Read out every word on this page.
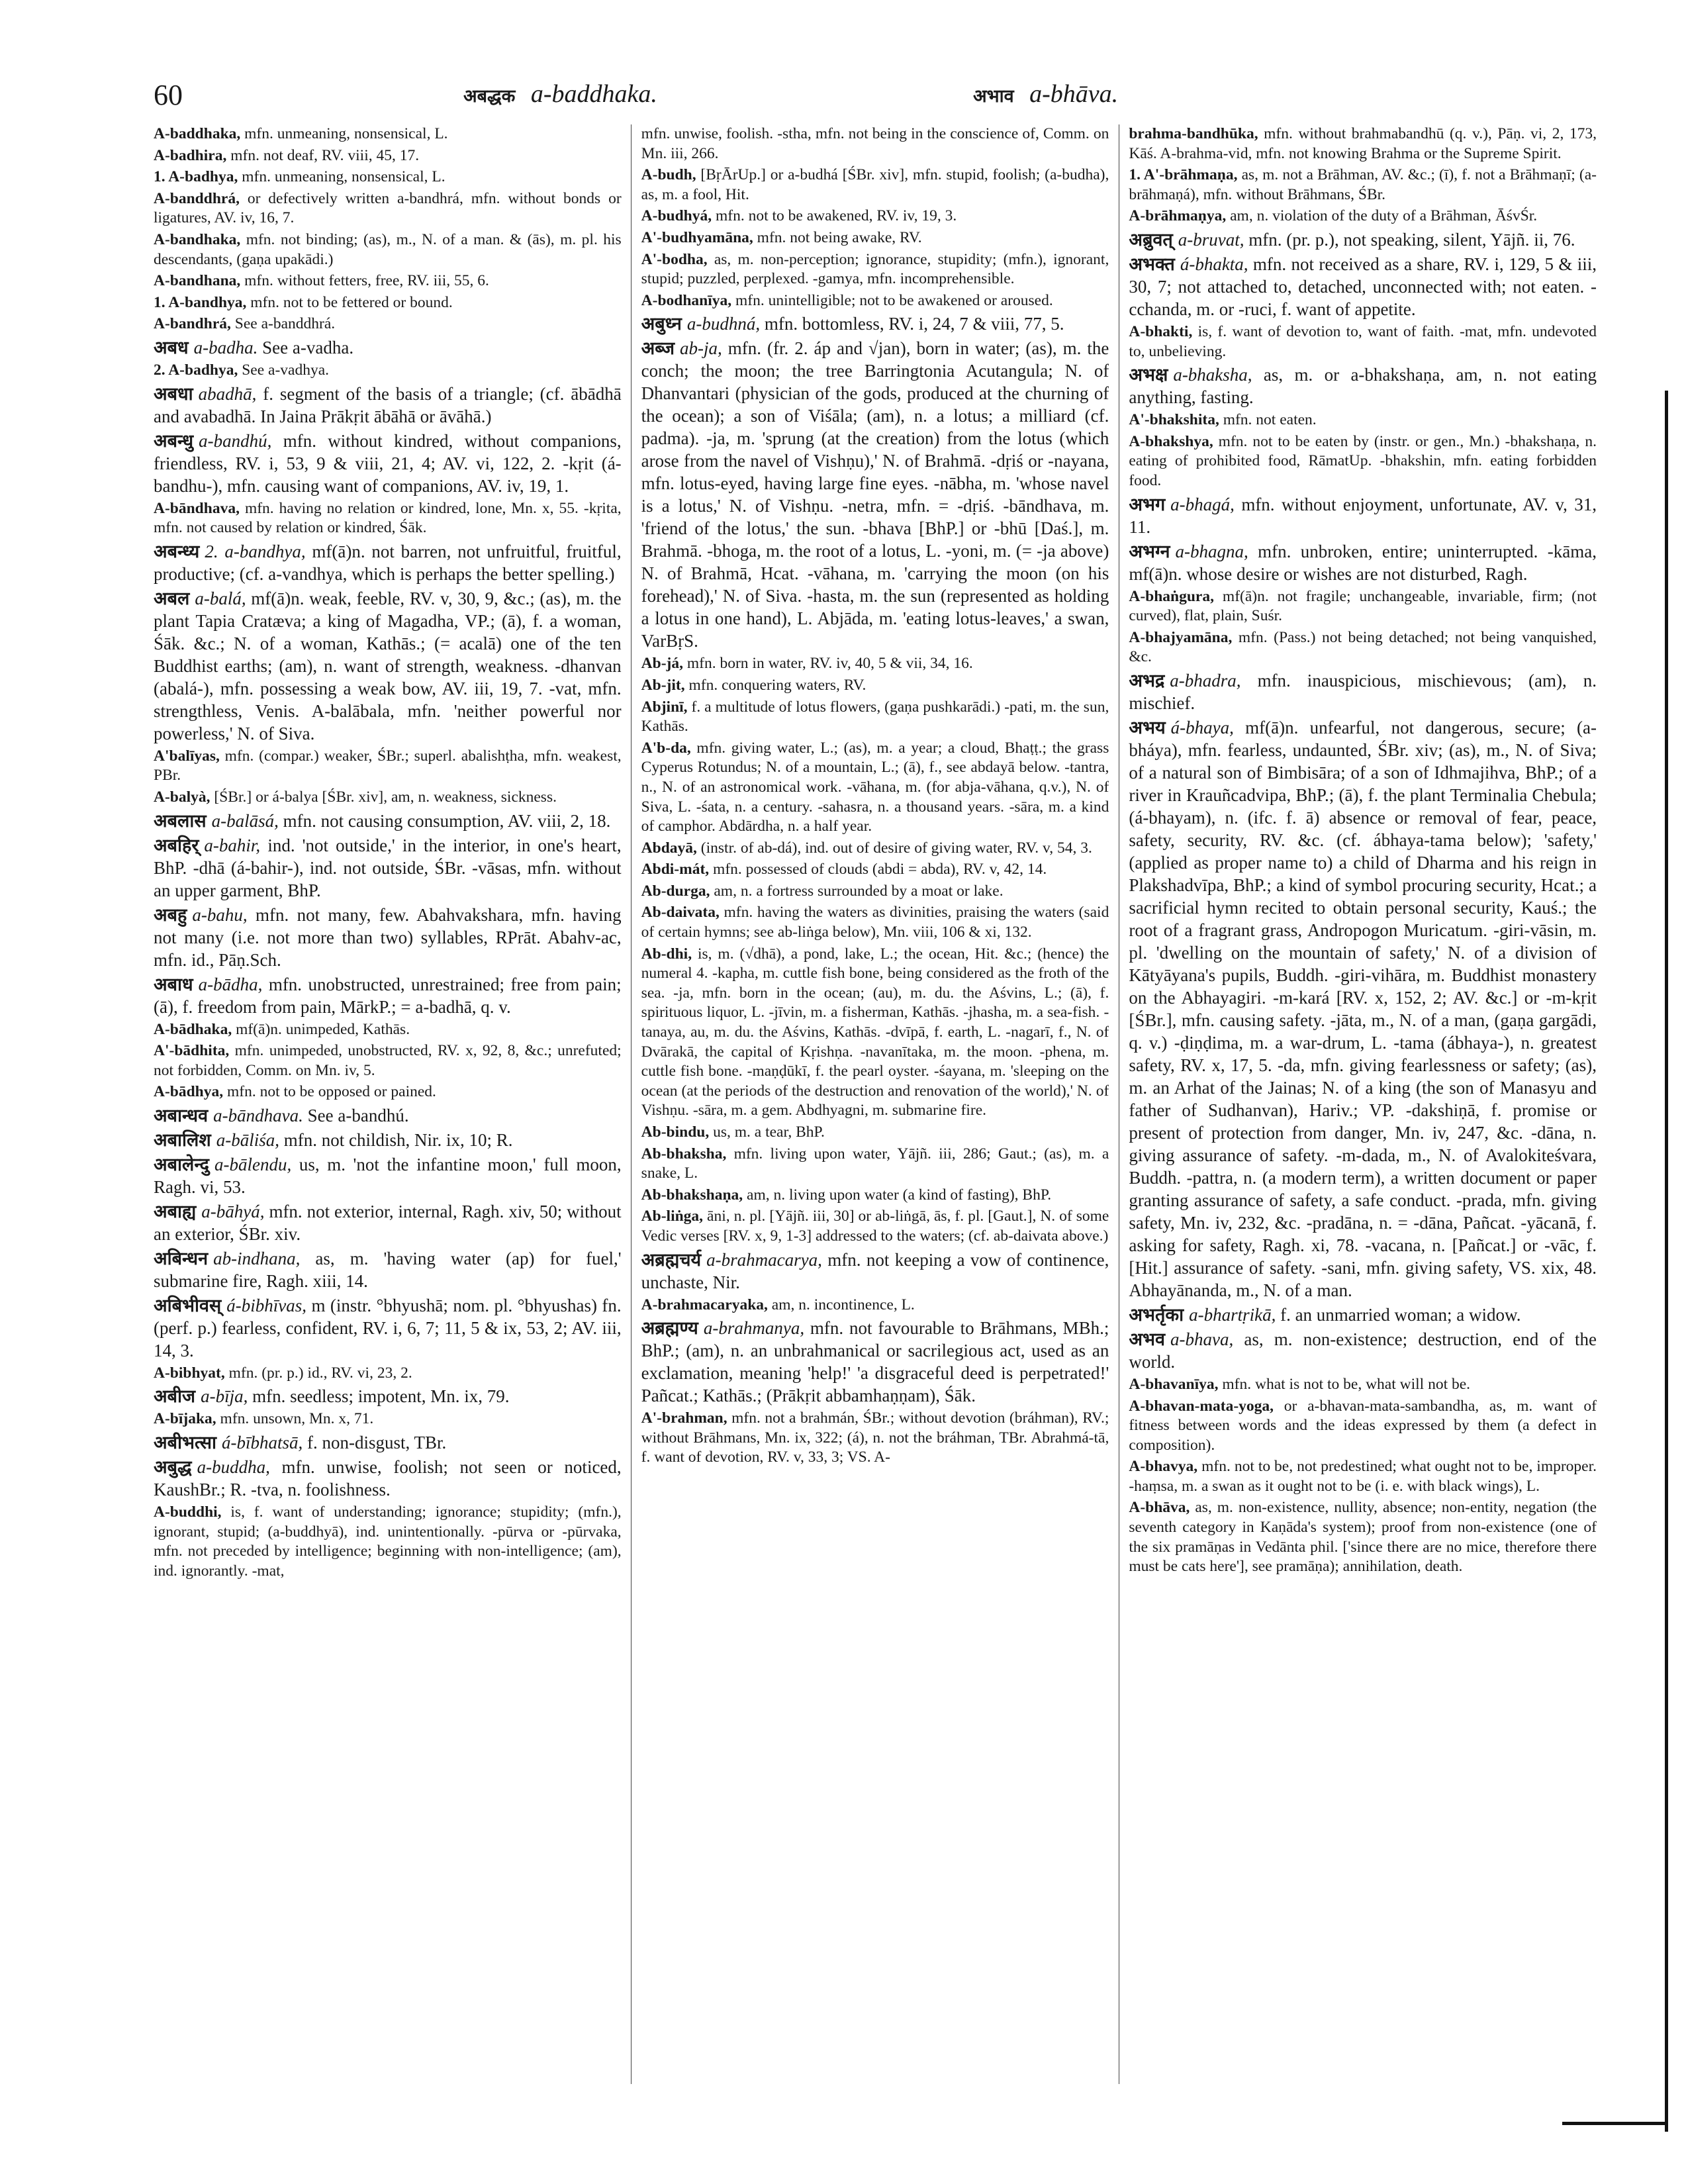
60	अबद्धक a-baddhaka.	अभाव a-bhāva.
A-baddhaka, mfn. unmeaning, nonsensical, L.
A-badhira, mfn. not deaf, RV. viii, 45, 17.
1. A-badhya, mfn. unmeaning, nonsensical, L.
A-banddhrá, or defectively written a-bandhrá, mfn. without bonds or ligatures, AV. iv, 16, 7.
A-bandhaka, mfn. not binding; (as), m., N. of a man. & (ās), m. pl. his descendants, (gaṇa upakādi.)
A-bandhana, mfn. without fetters, free, RV. iii, 55, 6.
1. A-bandhya, mfn. not to be fettered or bound.
A-bandhrá, See a-banddhrá.
अबध a-badha. See a-vadha.
2. A-badhya, See a-vadhya.
अबधा abadhā, f. segment of the basis of a triangle; (cf. ābādhā and avabadhā. In Jaina Prākṛit ābāhā or āvāhā.)
अबन्धु a-bandhú, mfn. without kindred, without companions, friendless, RV. i, 53, 9 & viii, 21, 4; AV. vi, 122, 2. -kṛit (á-bandhu-), mfn. causing want of companions, AV. iv, 19, 1.
A-bāndhava, mfn. having no relation or kindred, lone, Mn. x, 55. -kṛita, mfn. not caused by relation or kindred, Śāk.
अबन्ध्य 2. a-bandhya, mf(ā)n. not barren, not unfruitful, fruitful, productive; (cf. a-vandhya, which is perhaps the better spelling.)
अबल a-balá, mf(ā)n. weak, feeble, RV. v, 30, 9, &c.; (as), m. the plant Tapia Cratæva; a king of Magadha, VP.; (ā), f. a woman, Śāk. &c.; N. of a woman, Kathās.; (= acalā) one of the ten Buddhist earths; (am), n. want of strength, weakness. -dhanvan (abalá-), mfn. possessing a weak bow, AV. iii, 19, 7. -vat, mfn. strengthless, Venis. A-balābala, mfn. 'neither powerful nor powerless,' N. of Siva.
A'balīyas, mfn. (compar.) weaker, ŚBr.; superl. abalishṭha, mfn. weakest, PBr.
A-balyà, [ŚBr.] or á-balya [ŚBr. xiv], am, n. weakness, sickness.
अबलास a-balāsá, mfn. not causing consumption, AV. viii, 2, 18.
अबहिर् a-bahir, ind. 'not outside,' in the interior, in one's heart, BhP. -dhā (á-bahir-), ind. not outside, ŚBr. -vāsas, mfn. without an upper garment, BhP.
अबहु a-bahu, mfn. not many, few. Abahvakshara, mfn. having not many (i.e. not more than two) syllables, RPrāt. Abahv-ac, mfn. id., Pāṇ.Sch.
अबाध a-bādha, mfn. unobstructed, unrestrained; free from pain; (ā), f. freedom from pain, MārkP.; = a-badhā, q. v.
A-bādhaka, mf(ā)n. unimpeded, Kathās.
A'-bādhita, mfn. unimpeded, unobstructed, RV. x, 92, 8, &c.; unrefuted; not forbidden, Comm. on Mn. iv, 5.
A-bādhya, mfn. not to be opposed or pained.
अबान्धव a-bāndhava. See a-bandhú.
अबालिश a-bāliśa, mfn. not childish, Nir. ix, 10; R.
अबालेन्दु a-bālendu, us, m. 'not the infantine moon,' full moon, Ragh. vi, 53.
अबाह्य a-bāhyá, mfn. not exterior, internal, Ragh. xiv, 50; without an exterior, ŚBr. xiv.
अबिन्धन ab-indhana, as, m. 'having water (ap) for fuel,' submarine fire, Ragh. xiii, 14.
अबिभीवस् á-bibhīvas, m (instr. °bhyushā; nom. pl. °bhyushas) fn. (perf. p.) fearless, confident, RV. i, 6, 7; 11, 5 & ix, 53, 2; AV. iii, 14, 3.
A-bibhyat, mfn. (pr. p.) id., RV. vi, 23, 2.
अबीज a-bīja, mfn. seedless; impotent, Mn. ix, 79.
A-bījaka, mfn. unsown, Mn. x, 71.
अबीभत्सा á-bībhatsā, f. non-disgust, TBr.
अबुद्ध a-buddha, mfn. unwise, foolish; not seen or noticed, KaushBr.; R. -tva, n. foolishness.
A-buddhi, is, f. want of understanding; ignorance; stupidity; (mfn.), ignorant, stupid; (a-buddhyā), ind. unintentionally. -pūrva or -pūrvaka, mfn. not preceded by intelligence; beginning with non-intelligence; (am), ind. ignorantly. -mat,
mfn. unwise, foolish. -stha, mfn. not being in the conscience of, Comm. on Mn. iii, 266.
A-budh, [BṛĀrUp.] or a-budhá [ŚBr. xiv], mfn. stupid, foolish; (a-budha), as, m. a fool, Hit.
A-budhyá, mfn. not to be awakened, RV. iv, 19, 3.
A'-budhyamāna, mfn. not being awake, RV.
A'-bodha, as, m. non-perception; ignorance, stupidity; (mfn.), ignorant, stupid; puzzled, perplexed. -gamya, mfn. incomprehensible.
A-bodhanīya, mfn. unintelligible; not to be awakened or aroused.
अबुध्न a-budhná, mfn. bottomless, RV. i, 24, 7 & viii, 77, 5.
अब्ज ab-ja, mfn. (fr. 2. áp and √jan), born in water; (as), m. the conch; the moon; the tree Barringtonia Acutangula; N. of Dhanvantari (physician of the gods, produced at the churning of the ocean); a son of Viśāla; (am), n. a lotus; a milliard (cf. padma). -ja, m. 'sprung (at the creation) from the lotus (which arose from the navel of Vishṇu),' N. of Brahmā. -dṛiś or -nayana, mfn. lotus-eyed, having large fine eyes. -nābha, m. 'whose navel is a lotus,' N. of Vishṇu. -netra, mfn. = -dṛiś. -bāndhava, m. 'friend of the lotus,' the sun. -bhava [BhP.] or -bhū [Daś.], m. Brahmā. -bhoga, m. the root of a lotus, L. -yoni, m. (= -ja above) N. of Brahmā, Hcat. -vāhana, m. 'carrying the moon (on his forehead),' N. of Siva. -hasta, m. the sun (represented as holding a lotus in one hand), L. Abjāda, m. 'eating lotus-leaves,' a swan, VarBṛS.
Ab-já, mfn. born in water, RV. iv, 40, 5 & vii, 34, 16.
Ab-jit, mfn. conquering waters, RV.
Abjinī, f. a multitude of lotus flowers, (gaṇa pushkarādi.) -pati, m. the sun, Kathās.
A'b-da, mfn. giving water, L.; (as), m. a year; a cloud, Bhaṭṭ.; the grass Cyperus Rotundus; N. of a mountain, L.; (ā), f., see abdayā below. -tantra, n., N. of an astronomical work. -vāhana, m. (for abja-vāhana, q.v.), N. of Siva, L. -śata, n. a century. -sahasra, n. a thousand years. -sāra, m. a kind of camphor. Abdārdha, n. a half year.
Abdayā, (instr. of ab-dá), ind. out of desire of giving water, RV. v, 54, 3.
Abdi-mát, mfn. possessed of clouds (abdi = abda), RV. v, 42, 14.
Ab-durga, am, n. a fortress surrounded by a moat or lake.
Ab-daivata, mfn. having the waters as divinities, praising the waters (said of certain hymns; see ab-liṅga below), Mn. viii, 106 & xi, 132.
Ab-dhi, is, m. (√dhā), a pond, lake, L.; the ocean, Hit. &c.; (hence) the numeral 4. -kapha, m. cuttle fish bone, being considered as the froth of the sea. -ja, mfn. born in the ocean; (au), m. du. the Aśvins, L.; (ā), f. spirituous liquor, L. -jīvin, m. a fisherman, Kathās. -jhasha, m. a sea-fish. -tanaya, au, m. du. the Aśvins, Kathās. -dvīpā, f. earth, L. -nagarī, f., N. of Dvārakā, the capital of Kṛishṇa. -navanītaka, m. the moon. -phena, m. cuttle fish bone. -maṇḍūkī, f. the pearl oyster. -śayana, m. 'sleeping on the ocean (at the periods of the destruction and renovation of the world),' N. of Vishṇu. -sāra, m. a gem. Abdhyagni, m. submarine fire.
Ab-bindu, us, m. a tear, BhP.
Ab-bhaksha, mfn. living upon water, Yājñ. iii, 286; Gaut.; (as), m. a snake, L.
Ab-bhakshaṇa, am, n. living upon water (a kind of fasting), BhP.
Ab-liṅga, āni, n. pl. [Yājñ. iii, 30] or ab-liṅgā, ās, f. pl. [Gaut.], N. of some Vedic verses [RV. x, 9, 1-3] addressed to the waters; (cf. ab-daivata above.)
अब्रह्मचर्य a-brahmacarya, mfn. not keeping a vow of continence, unchaste, Nir.
A-brahmacaryaka, am, n. incontinence, L.
अब्रह्मण्य a-brahmanya, mfn. not favourable to Brāhmans, MBh.; BhP.; (am), n. an unbrahmanical or sacrilegious act, used as an exclamation, meaning 'help!' 'a disgraceful deed is perpetrated!' Pañcat.; Kathās.; (Prākṛit abbamhaṇṇam), Śāk.
A'-brahman, mfn. not a brahmán, ŚBr.; without devotion (bráhman), RV.; without Brāhmans, Mn. ix, 322; (á), n. not the bráhman, TBr. Abrahmá-tā, f. want of devotion, RV. v, 33, 3; VS. A-
brahma-bandhūka, mfn. without brahmabandhū (q. v.), Pāṇ. vi, 2, 173, Kāś. A-brahma-vid, mfn. not knowing Brahma or the Supreme Spirit.
1. A'-brāhmaṇa, as, m. not a Brāhman, AV. &c.; (ī), f. not a Brāhmaṇī; (a-brāhmaṇá), mfn. without Brāhmans, ŚBr.
A-brāhmaṇya, am, n. violation of the duty of a Brāhman, ĀśvŚr.
अब्रुवत् a-bruvat, mfn. (pr. p.), not speaking, silent, Yājñ. ii, 76.
अभक्त á-bhakta, mfn. not received as a share, RV. i, 129, 5 & iii, 30, 7; not attached to, detached, unconnected with; not eaten. -cchanda, m. or -ruci, f. want of appetite.
A-bhakti, is, f. want of devotion to, want of faith. -mat, mfn. undevoted to, unbelieving.
अभक्ष a-bhaksha, as, m. or a-bhakshaṇa, am, n. not eating anything, fasting.
A'-bhakshita, mfn. not eaten.
A-bhakshya, mfn. not to be eaten by (instr. or gen., Mn.) -bhakshaṇa, n. eating of prohibited food, RāmatUp. -bhakshin, mfn. eating forbidden food.
अभग a-bhagá, mfn. without enjoyment, unfortunate, AV. v, 31, 11.
अभग्न a-bhagna, mfn. unbroken, entire; uninterrupted. -kāma, mf(ā)n. whose desire or wishes are not disturbed, Ragh.
A-bhaṅgura, mf(ā)n. not fragile; unchangeable, invariable, firm; (not curved), flat, plain, Suśr.
A-bhajyamāna, mfn. (Pass.) not being detached; not being vanquished, &c.
अभद्र a-bhadra, mfn. inauspicious, mischievous; (am), n. mischief.
अभय á-bhaya, mf(ā)n. unfearful, not dangerous, secure; (a-bháya), mfn. fearless, undaunted, ŚBr. xiv; (as), m., N. of Siva; of a natural son of Bimbisāra; of a son of Idhmajihva, BhP.; of a river in Krauñcadvipa, BhP.; (ā), f. the plant Terminalia Chebula; (á-bhayam), n. (ifc. f. ā) absence or removal of fear, peace, safety, security, RV. &c. (cf. ábhaya-tama below); 'safety,' (applied as proper name to) a child of Dharma and his reign in Plakshadvīpa, BhP.; a kind of symbol procuring security, Hcat.; a sacrificial hymn recited to obtain personal security, Kauś.; the root of a fragrant grass, Andropogon Muricatum. -giri-vāsin, m. pl. 'dwelling on the mountain of safety,' N. of a division of Kātyāyana's pupils, Buddh. -giri-vihāra, m. Buddhist monastery on the Abhayagiri. -m-kará [RV. x, 152, 2; AV. &c.] or -m-kṛit [ŚBr.], mfn. causing safety. -jāta, m., N. of a man, (gaṇa gargādi, q. v.) -ḍiṇḍima, m. a war-drum, L. -tama (ábhaya-), n. greatest safety, RV. x, 17, 5. -da, mfn. giving fearlessness or safety; (as), m. an Arhat of the Jainas; N. of a king (the son of Manasyu and father of Sudhanvan), Hariv.; VP. -dakshiṇā, f. promise or present of protection from danger, Mn. iv, 247, &c. -dāna, n. giving assurance of safety. -m-dada, m., N. of Avalokiteśvara, Buddh. -pattra, n. (a modern term), a written document or paper granting assurance of safety, a safe conduct. -prada, mfn. giving safety, Mn. iv, 232, &c. -pradāna, n. = -dāna, Pañcat. -yācanā, f. asking for safety, Ragh. xi, 78. -vacana, n. [Pañcat.] or -vāc, f. [Hit.] assurance of safety. -sani, mfn. giving safety, VS. xix, 48. Abhayānanda, m., N. of a man.
अभर्तृका a-bhartṛikā, f. an unmarried woman; a widow.
अभव a-bhava, as, m. non-existence; destruction, end of the world.
A-bhavanīya, mfn. what is not to be, what will not be.
A-bhavan-mata-yoga, or a-bhavan-mata-sambandha, as, m. want of fitness between words and the ideas expressed by them (a defect in composition).
A-bhavya, mfn. not to be, not predestined; what ought not to be, improper. -haṃsa, m. a swan as it ought not to be (i. e. with black wings), L.
A-bhāva, as, m. non-existence, nullity, absence; non-entity, negation (the seventh category in Kaṇāda's system); proof from non-existence (one of the six pramāṇas in Vedānta phil. ['since there are no mice, therefore there must be cats here'], see pramāṇa); annihilation, death.
